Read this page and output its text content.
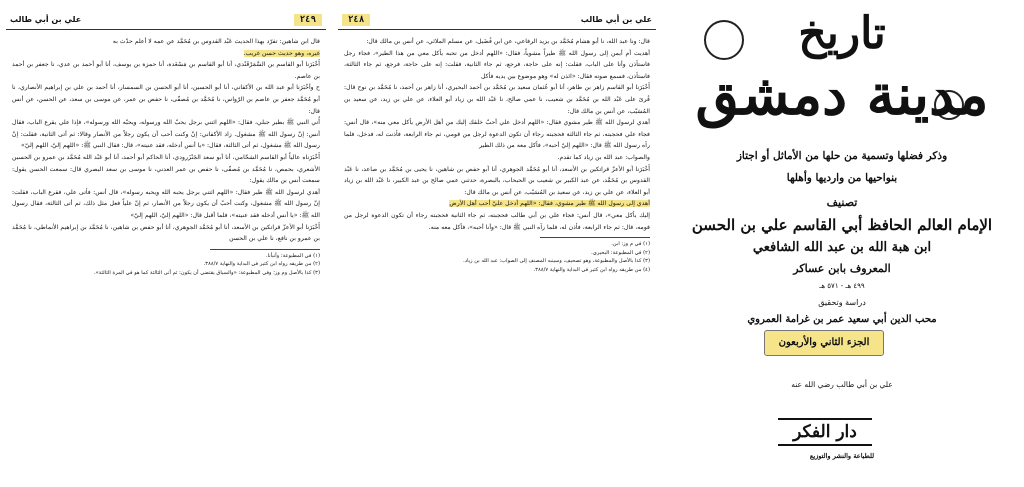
٢٤٩
علي بن أبي طالب

قال ابن شاهين: تفرّد بهذا الحديث عَبْد القدوس بن مُحَمَّد عن عمه لا أعلم حدّث به

غيره، وهو حديث حسن غريب.

أَخْبَرَنا أبو القاسم بن السَّمَرْقَنْدي، أنا أبو القاسم بن مَسْعَدة، أنا حمزة بن يوسف، أنا أبو أحمد بن عدي، نا جعفر بن أحمد بن عاصم.

ح وأخْبَرَنا أبو عبد الله بن الأكفاني، أنا أبو الحسين، أنا أبو الحسن بن السمسار، أنا أحمد بن علي بن إبراهيم الأنصاري، نا أبو مُحَمَّد جعفر بن عاصم بن الرّواس، نا مُحَمَّد بن مُصفّى، نا حفص بن عمر، عن موسى بن سعد، عن الحسن، عن أنس قال:

أُتي النبي ﷺ بطير جبلي، فقال: «اللهم ائتني برجل يحبّ الله ورسوله، ويحبّه الله ورسوله»، فإذا علي يقرع الباب، فقال أنس: إنّ رسول الله ﷺ مشغول. زاد الأكفاني: إنّ وكنت أحب أن يكون رجلاً من الأنصار وقالا: ثم أتى الثانية، فقلت: إنّ رسول الله ﷺ مشغول، ثم أتى الثالثة، فقال: «يا أنس أدخله، فقد عنيته»، قال: فقال النبي ﷺ: «اللهم إليّ، اللهم إليّ»

أَخْبَرَناه عالياً أبو القاسم الشحّامي، أنا أبو سعد الجَنْزَرودي، أنا الحاكم أبو أحمد، أنا أبو عَبْد الله مُحَمَّد بن عمرو بن الحسين الأشعري، بحمص، نا مُحَمَّد بن مُصفّى، نا حفص بن عمر العدني، نا موسى بن سعد البصري قال: سمعت الحسن يقول: سمعت أنس بن مالك يقول:

أهدي لرسول الله ﷺ طير فقال: «اللهم ائتني برجل يحبه الله ويحبه رسوله»، قال أنس: فأتى علي، فقرع الباب، فقلت: إنّ رسول الله ﷺ مشغول، وكنت أحبّ أن يكون رجلاً من الأنصار، ثم إنّ علياً فعل مثل ذلك، ثم أتى الثالثة، فقال رسول الله ﷺ: «يا أنس أدخله فقد عنيته»، فلما أقبل قال: «اللهم إليّ، اللهم إليّ»

أَخْبَرَنا أبو الأعزّ قراتكين بن الأسعد، أنا أبو مُحَمَّد الجوهري، أنا أبو حفص بن شاهين، نا مُحَمَّد بن إبراهيم الأنماطي، نا مُحَمَّد بن عمرو بن نافع، نا علي بن الحسن

(١) في المطبوعة: وأنبأنا.

(٢) من طريقه رواه ابن كثير في البداية والنهاية ٣٨٨/٧.

(٣) كذا بالأصل وم وز؛ وفي المطبوعة: «والسياق يقتضي أن يكون: ثم أتى الثالثة كما هو في المرة الثالثة».

علي بن أبي طالب
٢٤٨

قال: ونا عبد الله، نا أبو هشام مُحَمَّد بن يزيد الرفاعي، عن ابن فُضَيل، عن مسلم الملائي، عن أنس بن مالك قال:

أهديت أم أيمن إلى رسول الله ﷺ طيراً مشوياً، فقال: «اللهم أدخل من تحبه يأكل معي من هذا الطير»، فجاء رجل فاستأذن وأنا على الباب، فقلت: إنه على حاجة، فرجع، ثم جاء الثانية، فقلت: إنه على حاجة، فرجع، ثم جاء الثالثة، فاستأذن، فسمع صوته فقال: «ائذن له» وهو موضوع بين يديه فأكل

أَخْبَرَنا أبو القاسم زاهر بن طاهر، أنا أبو عُثمان سعيد بن مُحَمَّد بن أحمد البحيري، أنا زاهر بن أحمد، نا مُحَمَّد بن نوح قال: قُرئ على عَبْد الله بن مُحَمَّد بن شعيب، نا عمي صالح، نا عَبْد الله بن زياد أبو العلاء، عن علي بن زيد، عن سعيد بن المُسَيّب، عن أنس بن مالك قال:

أهدي لرسول الله ﷺ طير مشوي فقال: «اللهم أدخل علي أحبّ خلقك إليك من أهل الأرض يأكل معي منه»، قال أنس: فجاء علي فحجبته، ثم جاء الثالثة فحجبته رجاء أن تكون الدعوة لرجل من قومي، ثم جاء الرابعة، فأذنت له، فدخل، فلما رآه رسول الله ﷺ قال: «اللهم إليّ أحبه»، فأكل معه من ذلك الطير

والصواب: عبد الله بن زياد كما تقدم.

أَخْبَرَنا أبو الأعزّ قراتكين بن الأسعد، أنا أبو مُحَمَّد الجوهري، أنا أبو حفص بن شاهين، نا يحيى بن مُحَمَّد بن صاعد، نا عَبْد القدوس بن مُحَمَّد، عن عبد الكبير بن شعيب بن الحبحاب، بالبصرة، حدثني عمي صالح بن عبد الكبير، نا عَبْد الله بن زياد أبو العلاء، عن علي بن زيد، عن سعيد بن المُسَيّب، عن أنس بن مالك قال:

أهدي إلى رسول الله ﷺ طير مشوي، فقال: «اللهم أدخل عليّ أحب أهل الأرض

إليك يأكل معي»، قال أنس: فجاء علي بن أبي طالب فحجبته، ثم جاء الثانية فحجبته رجاء أن تكون الدعوة لرجل من قومه، قال: ثم جاء الرابعة، فأذن له، فلما رآه النبي ﷺ قال: «وأنا أحبه»، فأكل معه منه.

(١) في م وز: ابن.

(٢) في المطبوعة: البحيري.

(٣) كذا بالأصل والمطبوعة، وهو تصحيف، وسينبه المصنف إلى الصواب: عبد الله بن زياد.

(٤) من طريقه رواه ابن كثير في البداية والنهاية ٣٨٨/٧.

تاريخ
مدينة دمشق
وذكر فضلها وتسمية من حلها من الأماثل أو اجتاز
بنواحيها من وارديها وأهلها
تصنيف
الإمام العالم الحافظ أبي القاسم علي بن الحسن
ابن هبة الله بن عبد الله الشافعي
المعروف بابن عساكر
٤٩٩ هـ - ٥٧١ هـ
دراسة وتحقيق
محب الدين أبي سعيد عمر بن غرامة العمروي
الجزء الثاني والأربعون
علي بن أبي طالب رضي الله عنه
دار الفكر
للطباعة والنشر والتوزيع
